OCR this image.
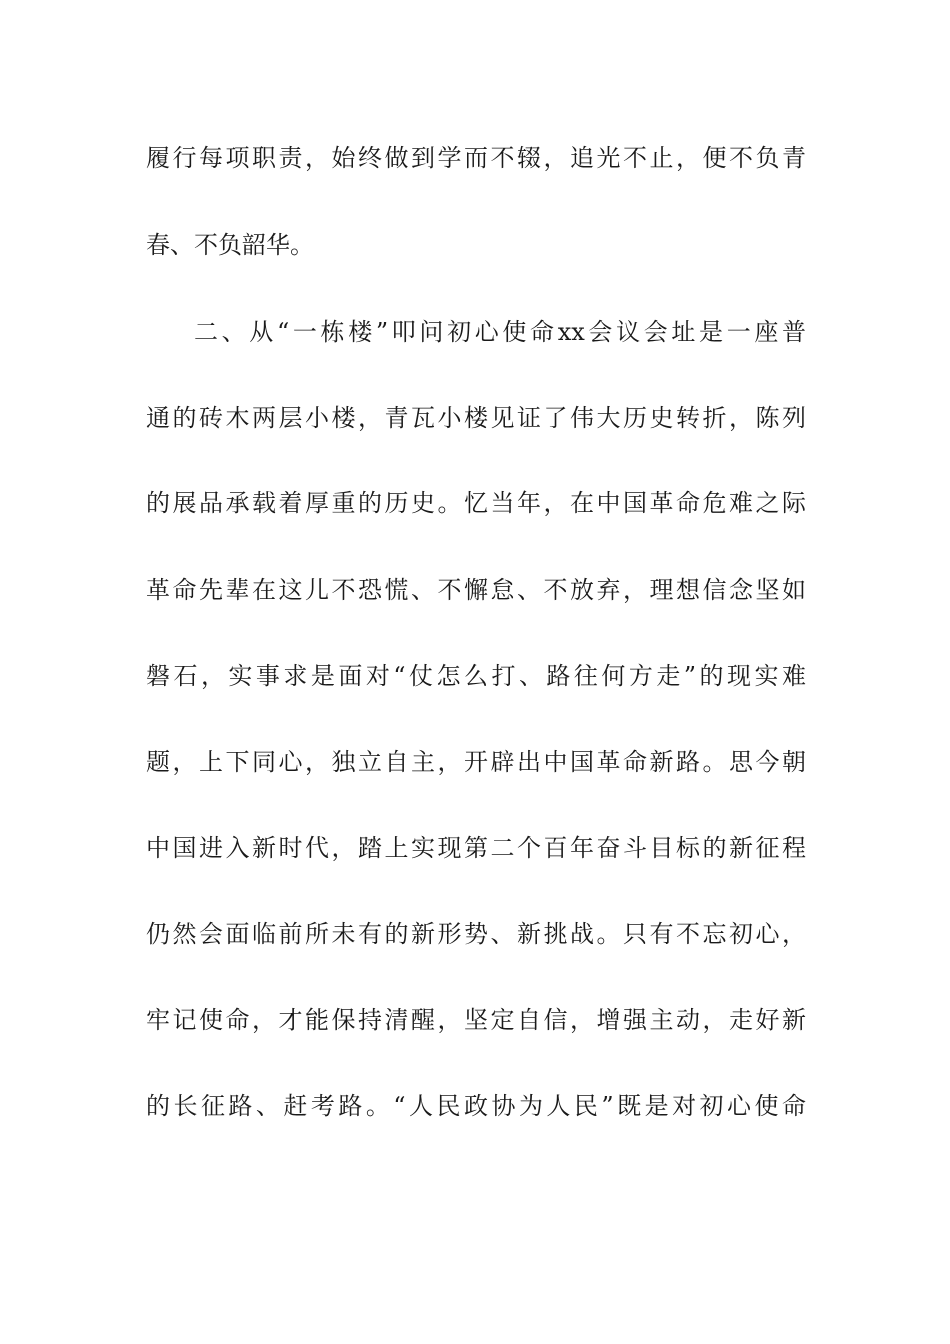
履行每项职责，始终做到学而不辍，追光不止，便不负青
春、不负韶华。
二、从“一栋楼”叩问初心使命xx会议会址是一座普
通的砖木两层小楼，青瓦小楼见证了伟大历史转折，陈列
的展品承载着厚重的历史。忆当年，在中国革命危难之际
革命先辈在这儿不恐慌、不懈怠、不放弃，理想信念坚如
磐石，实事求是面对“仗怎么打、路往何方走”的现实难
题，上下同心，独立自主，开辟出中国革命新路。思今朝
中国进入新时代，踏上实现第二个百年奋斗目标的新征程
仍然会面临前所未有的新形势、新挑战。只有不忘初心，
牢记使命，才能保持清醒，坚定自信，增强主动，走好新
的长征路、赶考路。“人民政协为人民”既是对初心使命
